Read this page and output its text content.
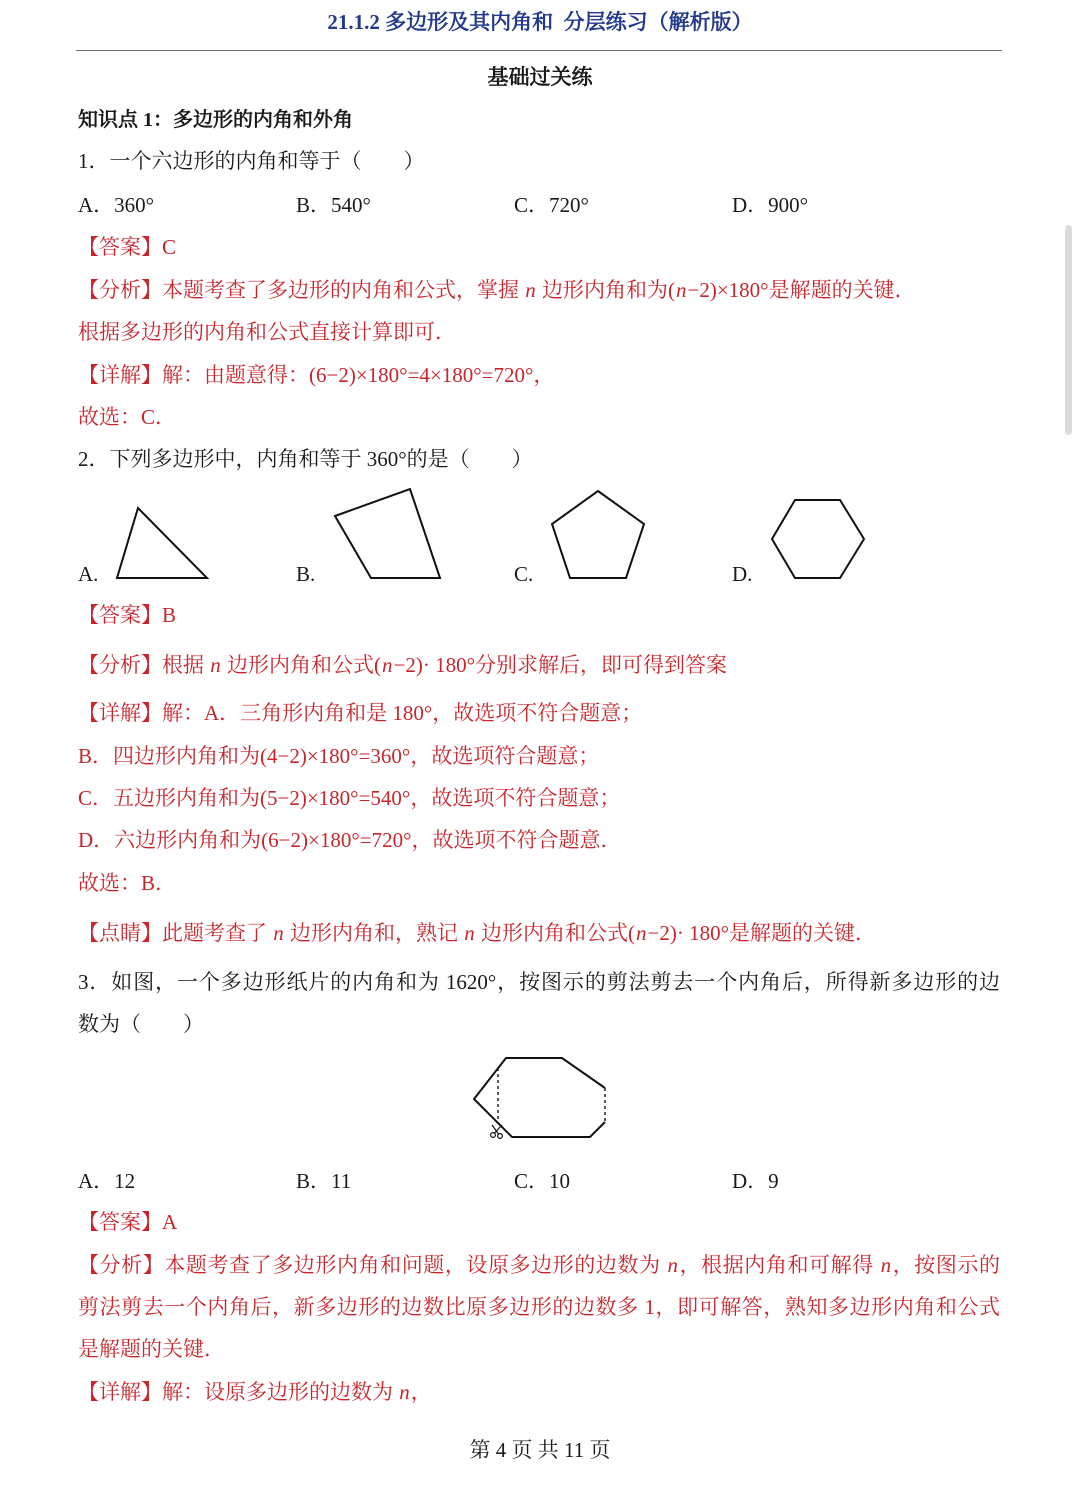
21.1.2 多边形及其内角和  分层练习（解析版）
基础过关练
知识点 1：多边形的内角和外角
1．一个六边形的内角和等于（　　）
A．360°	B．540°	C．720°	D．900°
【答案】C
【分析】本题考查了多边形的内角和公式，掌握 n 边形内角和为(n−2)×180°是解题的关键．
根据多边形的内角和公式直接计算即可．
【详解】解：由题意得：(6−2)×180°=4×180°=720°，
故选：C．
2．下列多边形中，内角和等于 360°的是（　　）
A.	B.	C.	D.
【答案】B
【分析】根据 n 边形内角和公式(n−2)· 180°分别求解后，即可得到答案
【详解】解：A．三角形内角和是 180°，故选项不符合题意；
B．四边形内角和为(4−2)×180°=360°，故选项符合题意；
C．五边形内角和为(5−2)×180°=540°，故选项不符合题意；
D．六边形内角和为(6−2)×180°=720°，故选项不符合题意．
故选：B．
【点睛】此题考查了 n 边形内角和，熟记 n 边形内角和公式(n−2)· 180°是解题的关键．
3．如图，一个多边形纸片的内角和为 1620°，按图示的剪法剪去一个内角后，所得新多边形的边
数为（　　）
A．12	B．11	C．10	D．9
【答案】A
【分析】本题考查了多边形内角和问题，设原多边形的边数为 n，根据内角和可解得 n，按图示的
剪法剪去一个内角后，新多边形的边数比原多边形的边数多 1，即可解答，熟知多边形内角和公式
是解题的关键．
【详解】解：设原多边形的边数为 n，
第 4 页 共 11 页
